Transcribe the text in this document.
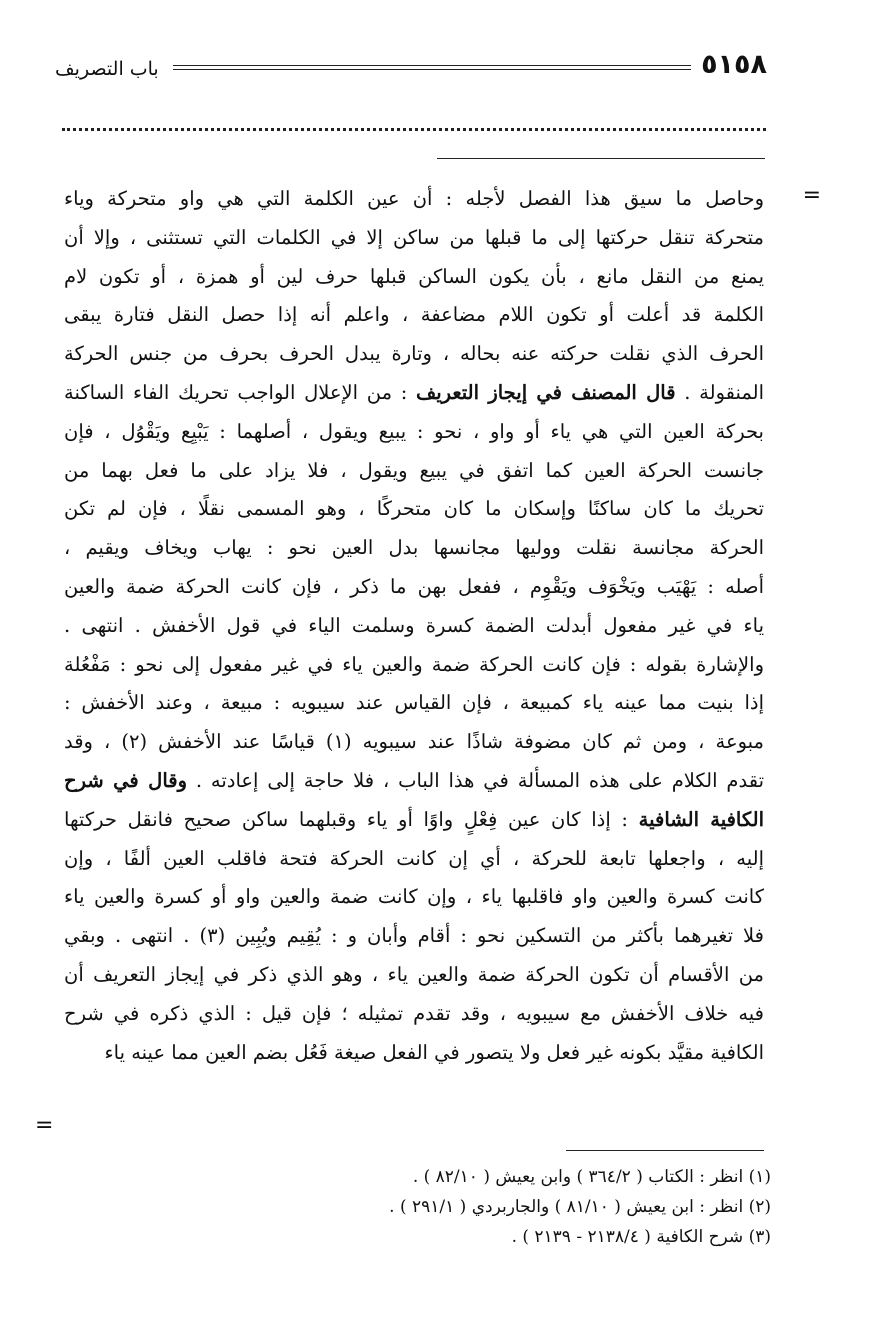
٥١٥٨
باب التصريف
=
=
وحاصل ما سيق هذا الفصل لأجله : أن عين الكلمة التي هي واو متحركة وياء
متحركة تنقل حركتها إلى ما قبلها من ساكن إلا في الكلمات التي تستثنى ، وإلا أن
يمنع من النقل مانع ، بأن يكون الساكن قبلها حرف لين أو همزة ، أو تكون لام
الكلمة قد أعلت أو تكون اللام مضاعفة ، واعلم أنه إذا حصل النقل فتارة يبقى
الحرف الذي نقلت حركته عنه بحاله ، وتارة يبدل الحرف بحرف من جنس الحركة
المنقولة . قال المصنف في إيجاز التعريف : من الإعلال الواجب تحريك الفاء الساكنة
بحركة العين التي هي ياء أو واو ، نحو : يبيع ويقول ، أصلهما : يَبْيِع ويَقْوُل ، فإن
جانست الحركة العين كما اتفق في يبيع ويقول ، فلا يزاد على ما فعل بهما من
تحريك ما كان ساكنًا وإسكان ما كان متحركًا ، وهو المسمى نقلًا ، فإن لم تكن
الحركة مجانسة نقلت ووليها مجانسها بدل العين نحو : يهاب ويخاف ويقيم ،
أصله : يَهْيَب ويَخْوَف ويَقْوِم ، ففعل بهن ما ذكر ، فإن كانت الحركة ضمة والعين
ياء في غير مفعول أبدلت الضمة كسرة وسلمت الياء في قول الأخفش . انتهى .
والإشارة بقوله : فإن كانت الحركة ضمة والعين ياء في غير مفعول إلى نحو : مَفْعُلة
إذا بنيت مما عينه ياء كمبيعة ، فإن القياس عند سيبويه : مبيعة ، وعند الأخفش :
مبوعة ، ومن ثم كان مضوفة شاذًا عند سيبويه (١) قياسًا عند الأخفش (٢) ، وقد
تقدم الكلام على هذه المسألة في هذا الباب ، فلا حاجة إلى إعادته . وقال في شرح
الكافية الشافية : إذا كان عين فِعْلٍ واوًا أو ياء وقبلهما ساكن صحيح فانقل حركتها
إليه ، واجعلها تابعة للحركة ، أي إن كانت الحركة فتحة فاقلب العين ألفًا ، وإن
كانت كسرة والعين واو فاقلبها ياء ، وإن كانت ضمة والعين واو أو كسرة والعين ياء
فلا تغيرهما بأكثر من التسكين نحو : أقام وأبان و : يُقِيم ويُبِين (٣) . انتهى . وبقي
من الأقسام أن تكون الحركة ضمة والعين ياء ، وهو الذي ذكر في إيجاز التعريف أن
فيه خلاف الأخفش مع سيبويه ، وقد تقدم تمثيله ؛ فإن قيل : الذي ذكره في شرح
الكافية مقيَّد بكونه غير فعل ولا يتصور في الفعل صيغة فَعُل بضم العين مما عينه ياء
(١) انظر : الكتاب ( ٣٦٤/٢ ) وابن يعيش ( ٨٢/١٠ ) .
(٢) انظر : ابن يعيش ( ٨١/١٠ ) والجاربردي ( ٢٩١/١ ) .
(٣) شرح الكافية ( ٢١٣٨/٤ - ٢١٣٩ ) .
